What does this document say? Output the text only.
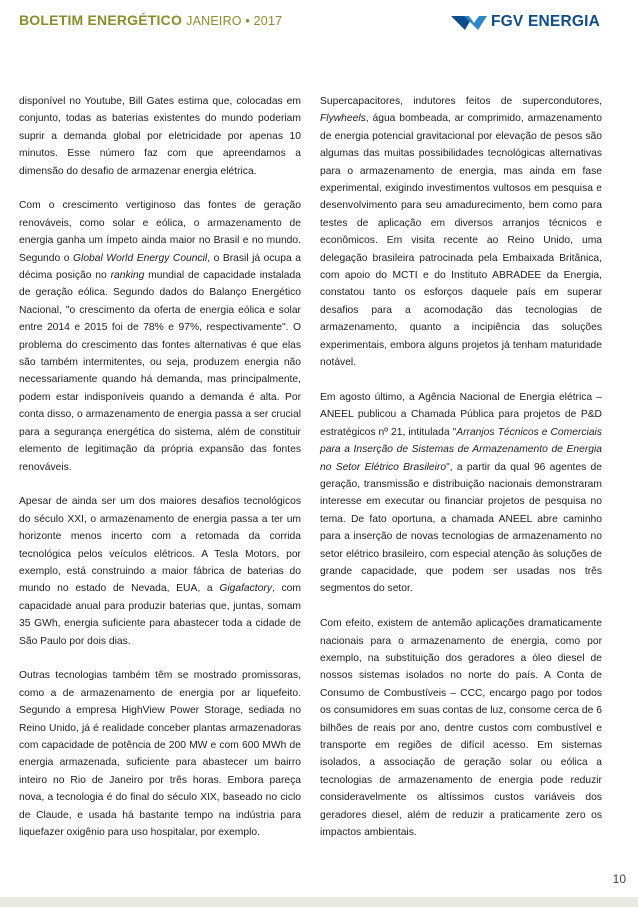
BOLETIM ENERGÉTICO JANEIRO • 2017	FGV ENERGIA

disponível no Youtube, Bill Gates estima que, colocadas em conjunto, todas as baterias existentes do mundo poderiam suprir a demanda global por eletricidade por apenas 10 minutos. Esse número faz com que apreendamos a dimensão do desafio de armazenar energia elétrica.

Com o crescimento vertiginoso das fontes de geração renováveis, como solar e eólica, o armazenamento de energia ganha um ímpeto ainda maior no Brasil e no mundo. Segundo o Global World Energy Council, o Brasil já ocupa a décima posição no ranking mundial de capacidade instalada de geração eólica. Segundo dados do Balanço Energético Nacional, "o crescimento da oferta de energia eólica e solar entre 2014 e 2015 foi de 78% e 97%, respectivamente". O problema do crescimento das fontes alternativas é que elas são também intermitentes, ou seja, produzem energia não necessariamente quando há demanda, mas principalmente, podem estar indisponíveis quando a demanda é alta. Por conta disso, o armazenamento de energia passa a ser crucial para a segurança energética do sistema, além de constituir elemento de legitimação da própria expansão das fontes renováveis.

Apesar de ainda ser um dos maiores desafios tecnológicos do século XXI, o armazenamento de energia passa a ter um horizonte menos incerto com a retomada da corrida tecnológica pelos veículos elétricos. A Tesla Motors, por exemplo, está construindo a maior fábrica de baterias do mundo no estado de Nevada, EUA, a Gigafactory, com capacidade anual para produzir baterias que, juntas, somam 35 GWh, energia suficiente para abastecer toda a cidade de São Paulo por dois dias.

Outras tecnologias também têm se mostrado promissoras, como a de armazenamento de energia por ar liquefeito. Segundo a empresa HighView Power Storage, sediada no Reino Unido, já é realidade conceber plantas armazenadoras com capacidade de potência de 200 MW e com 600 MWh de energia armazenada, suficiente para abastecer um bairro inteiro no Rio de Janeiro por três horas. Embora pareça nova, a tecnologia é do final do século XIX, baseado no ciclo de Claude, e usada há bastante tempo na indústria para liquefazer oxigênio para uso hospitalar, por exemplo.

Supercapacitores, indutores feitos de supercondutores, Flywheels, água bombeada, ar comprimido, armazenamento de energia potencial gravitacional por elevação de pesos são algumas das muitas possibilidades tecnológicas alternativas para o armazenamento de energia, mas ainda em fase experimental, exigindo investimentos vultosos em pesquisa e desenvolvimento para seu amadurecimento, bem como para testes de aplicação em diversos arranjos técnicos e econômicos. Em visita recente ao Reino Unido, uma delegação brasileira patrocinada pela Embaixada Britânica, com apoio do MCTI e do Instituto ABRADEE da Energia, constatou tanto os esforços daquele país em superar desafios para a acomodação das tecnologias de armazenamento, quanto a incipiência das soluções experimentais, embora alguns projetos já tenham maturidade notável.

Em agosto último, a Agência Nacional de Energia elétrica – ANEEL publicou a Chamada Pública para projetos de P&D estratégicos nº 21, intitulada "Arranjos Técnicos e Comerciais para a Inserção de Sistemas de Armazenamento de Energia no Setor Elétrico Brasileiro", a partir da qual 96 agentes de geração, transmissão e distribuição nacionais demonstraram interesse em executar ou financiar projetos de pesquisa no tema. De fato oportuna, a chamada ANEEL abre caminho para a inserção de novas tecnologias de armazenamento no setor elétrico brasileiro, com especial atenção às soluções de grande capacidade, que podem ser usadas nos três segmentos do setor.

Com efeito, existem de antemão aplicações dramaticamente nacionais para o armazenamento de energia, como por exemplo, na substituição dos geradores a óleo diesel de nossos sistemas isolados no norte do país. A Conta de Consumo de Combustíveis – CCC, encargo pago por todos os consumidores em suas contas de luz, consome cerca de 6 bilhões de reais por ano, dentre custos com combustível e transporte em regiões de difícil acesso. Em sistemas isolados, a associação de geração solar ou eólica a tecnologias de armazenamento de energia pode reduzir consideravelmente os altíssimos custos variáveis dos geradores diesel, além de reduzir a praticamente zero os impactos ambientais.

10
